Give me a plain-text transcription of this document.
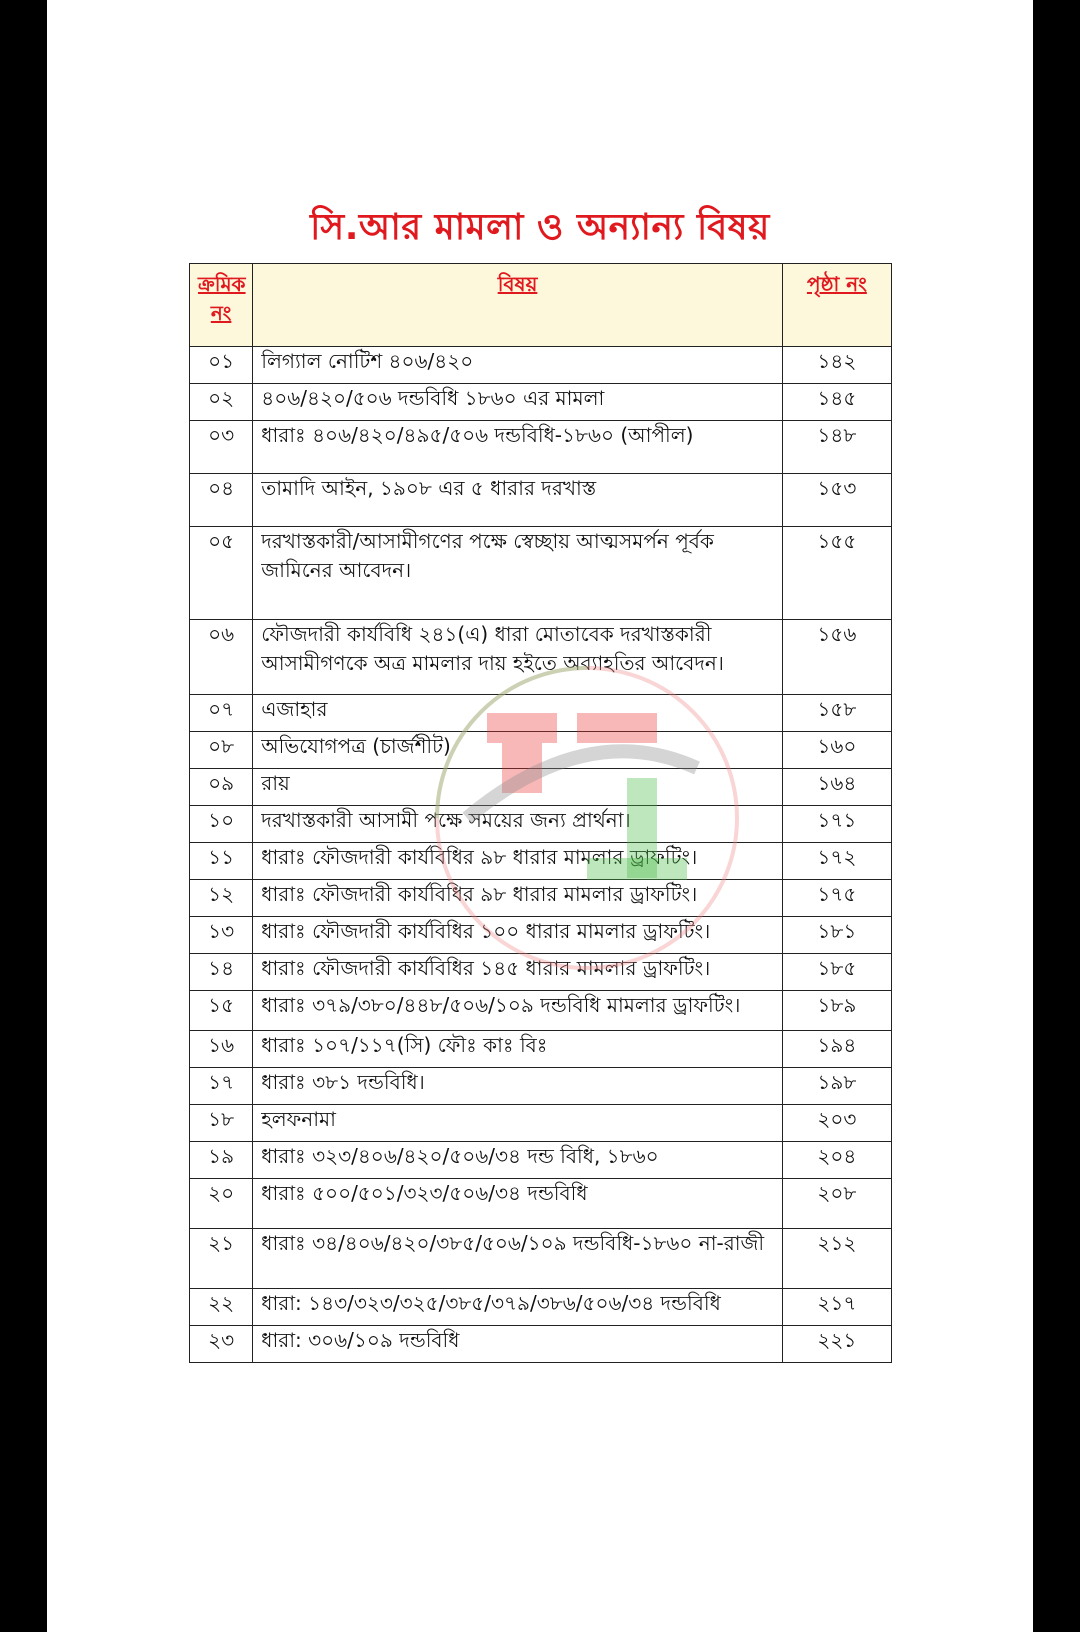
সি.আর মামলা ও অন্যান্য বিষয়
ক্রমিক নং	বিষয়	পৃষ্ঠা নং
০১	লিগ্যাল নোটিশ ৪০৬/৪২০	১৪২
০২	৪০৬/৪২০/৫০৬ দন্ডবিধি ১৮৬০ এর মামলা	১৪৫
০৩	ধারাঃ ৪০৬/৪২০/৪৯৫/৫০৬ দন্ডবিধি-১৮৬০ (আপীল)	১৪৮
০৪	তামাদি আইন, ১৯০৮ এর ৫ ধারার দরখাস্ত	১৫৩
০৫	দরখাস্তকারী/আসামীগণের পক্ষে স্বেচ্ছায় আত্মসমর্পন পূর্বক জামিনের আবেদন।	১৫৫
০৬	ফৌজদারী কার্যবিধি ২৪১(এ) ধারা মোতাবেক দরখাস্তকারী আসামীগণকে অত্র মামলার দায় হইতে অব্যাহতির আবেদন।	১৫৬
০৭	এজাহার	১৫৮
০৮	অভিযোগপত্র (চার্জশীট)	১৬০
০৯	রায়	১৬৪
১০	দরখাস্তকারী আসামী পক্ষে সময়ের জন্য প্রার্থনা।	১৭১
১১	ধারাঃ ফৌজদারী কার্যবিধির ৯৮ ধারার মামলার ড্রাফটিং।	১৭২
১২	ধারাঃ ফৌজদারী কার্যবিধির ৯৮ ধারার মামলার ড্রাফটিং।	১৭৫
১৩	ধারাঃ ফৌজদারী কার্যবিধির ১০০ ধারার মামলার ড্রাফটিং।	১৮১
১৪	ধারাঃ ফৌজদারী কার্যবিধির ১৪৫ ধারার মামলার ড্রাফটিং।	১৮৫
১৫	ধারাঃ ৩৭৯/৩৮০/৪৪৮/৫০৬/১০৯ দন্ডবিধি মামলার ড্রাফটিং।	১৮৯
১৬	ধারাঃ ১০৭/১১৭(সি) ফৌঃ কাঃ বিঃ	১৯৪
১৭	ধারাঃ ৩৮১ দন্ডবিধি।	১৯৮
১৮	হলফনামা	২০৩
১৯	ধারাঃ ৩২৩/৪০৬/৪২০/৫০৬/৩৪ দন্ড বিধি, ১৮৬০	২০৪
২০	ধারাঃ ৫০০/৫০১/৩২৩/৫০৬/৩৪ দন্ডবিধি	২০৮
২১	ধারাঃ ৩৪/৪০৬/৪২০/৩৮৫/৫০৬/১০৯ দন্ডবিধি-১৮৬০ না-রাজী	২১২
২২	ধারা: ১৪৩/৩২৩/৩২৫/৩৮৫/৩৭৯/৩৮৬/৫০৬/৩৪ দন্ডবিধি	২১৭
২৩	ধারা: ৩০৬/১০৯ দন্ডবিধি	২২১
